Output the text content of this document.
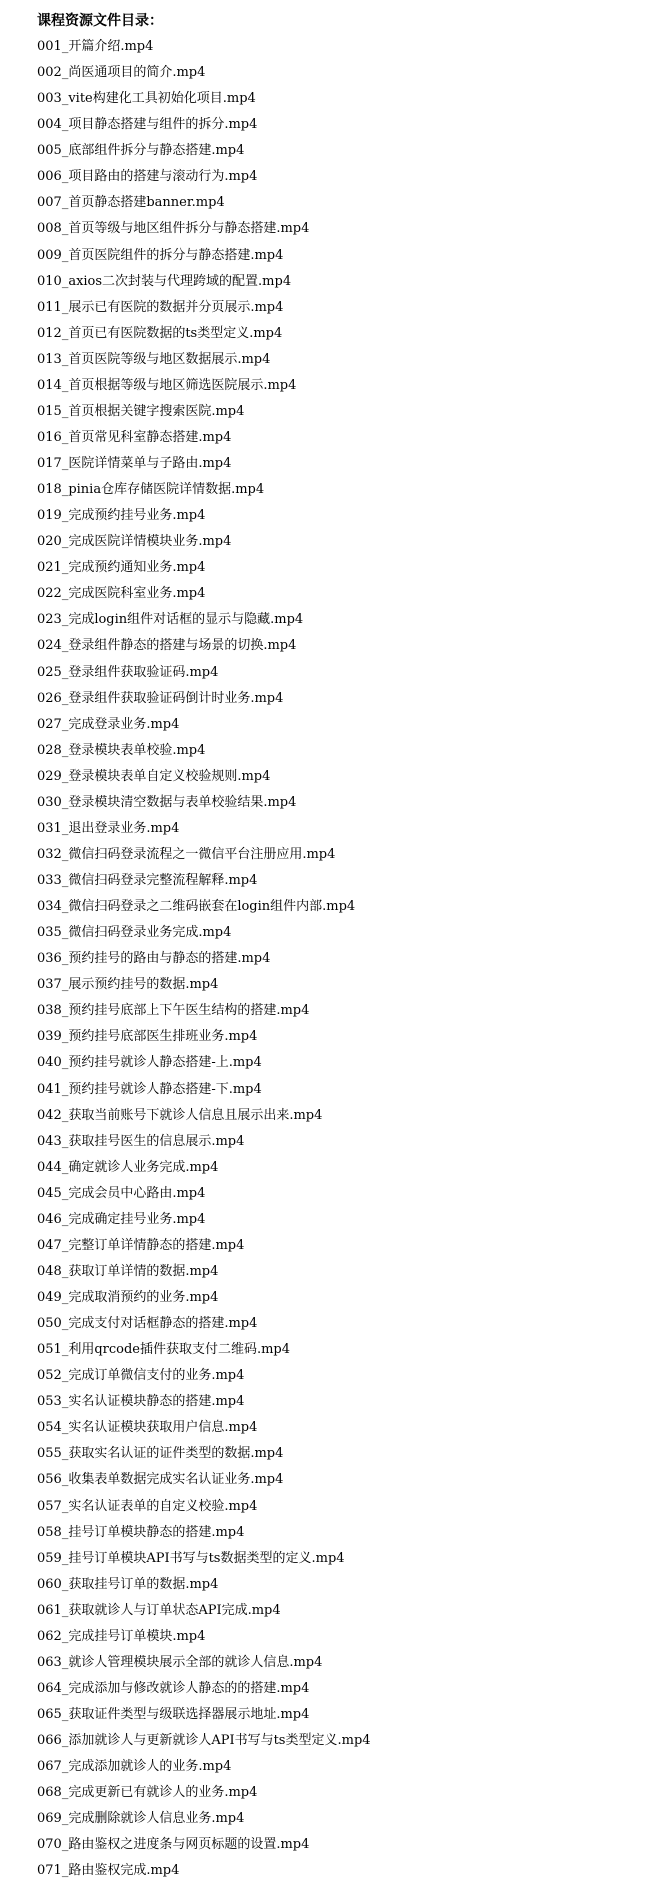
课程资源文件目录：
001_开篇介绍.mp4
002_尚医通项目的简介.mp4
003_vite构建化工具初始化项目.mp4
004_项目静态搭建与组件的拆分.mp4
005_底部组件拆分与静态搭建.mp4
006_项目路由的搭建与滚动行为.mp4
007_首页静态搭建banner.mp4
008_首页等级与地区组件拆分与静态搭建.mp4
009_首页医院组件的拆分与静态搭建.mp4
010_axios二次封装与代理跨域的配置.mp4
011_展示已有医院的数据并分页展示.mp4
012_首页已有医院数据的ts类型定义.mp4
013_首页医院等级与地区数据展示.mp4
014_首页根据等级与地区筛选医院展示.mp4
015_首页根据关键字搜索医院.mp4
016_首页常见科室静态搭建.mp4
017_医院详情菜单与子路由.mp4
018_pinia仓库存储医院详情数据.mp4
019_完成预约挂号业务.mp4
020_完成医院详情模块业务.mp4
021_完成预约通知业务.mp4
022_完成医院科室业务.mp4
023_完成login组件对话框的显示与隐藏.mp4
024_登录组件静态的搭建与场景的切换.mp4
025_登录组件获取验证码.mp4
026_登录组件获取验证码倒计时业务.mp4
027_完成登录业务.mp4
028_登录模块表单校验.mp4
029_登录模块表单自定义校验规则.mp4
030_登录模块清空数据与表单校验结果.mp4
031_退出登录业务.mp4
032_微信扫码登录流程之一微信平台注册应用.mp4
033_微信扫码登录完整流程解释.mp4
034_微信扫码登录之二维码嵌套在login组件内部.mp4
035_微信扫码登录业务完成.mp4
036_预约挂号的路由与静态的搭建.mp4
037_展示预约挂号的数据.mp4
038_预约挂号底部上下午医生结构的搭建.mp4
039_预约挂号底部医生排班业务.mp4
040_预约挂号就诊人静态搭建-上.mp4
041_预约挂号就诊人静态搭建-下.mp4
042_获取当前账号下就诊人信息且展示出来.mp4
043_获取挂号医生的信息展示.mp4
044_确定就诊人业务完成.mp4
045_完成会员中心路由.mp4
046_完成确定挂号业务.mp4
047_完整订单详情静态的搭建.mp4
048_获取订单详情的数据.mp4
049_完成取消预约的业务.mp4
050_完成支付对话框静态的搭建.mp4
051_利用qrcode插件获取支付二维码.mp4
052_完成订单微信支付的业务.mp4
053_实名认证模块静态的搭建.mp4
054_实名认证模块获取用户信息.mp4
055_获取实名认证的证件类型的数据.mp4
056_收集表单数据完成实名认证业务.mp4
057_实名认证表单的自定义校验.mp4
058_挂号订单模块静态的搭建.mp4
059_挂号订单模块API书写与ts数据类型的定义.mp4
060_获取挂号订单的数据.mp4
061_获取就诊人与订单状态API完成.mp4
062_完成挂号订单模块.mp4
063_就诊人管理模块展示全部的就诊人信息.mp4
064_完成添加与修改就诊人静态的的搭建.mp4
065_获取证件类型与级联选择器展示地址.mp4
066_添加就诊人与更新就诊人API书写与ts类型定义.mp4
067_完成添加就诊人的业务.mp4
068_完成更新已有就诊人的业务.mp4
069_完成删除就诊人信息业务.mp4
070_路由鉴权之进度条与网页标题的设置.mp4
071_路由鉴权完成.mp4
